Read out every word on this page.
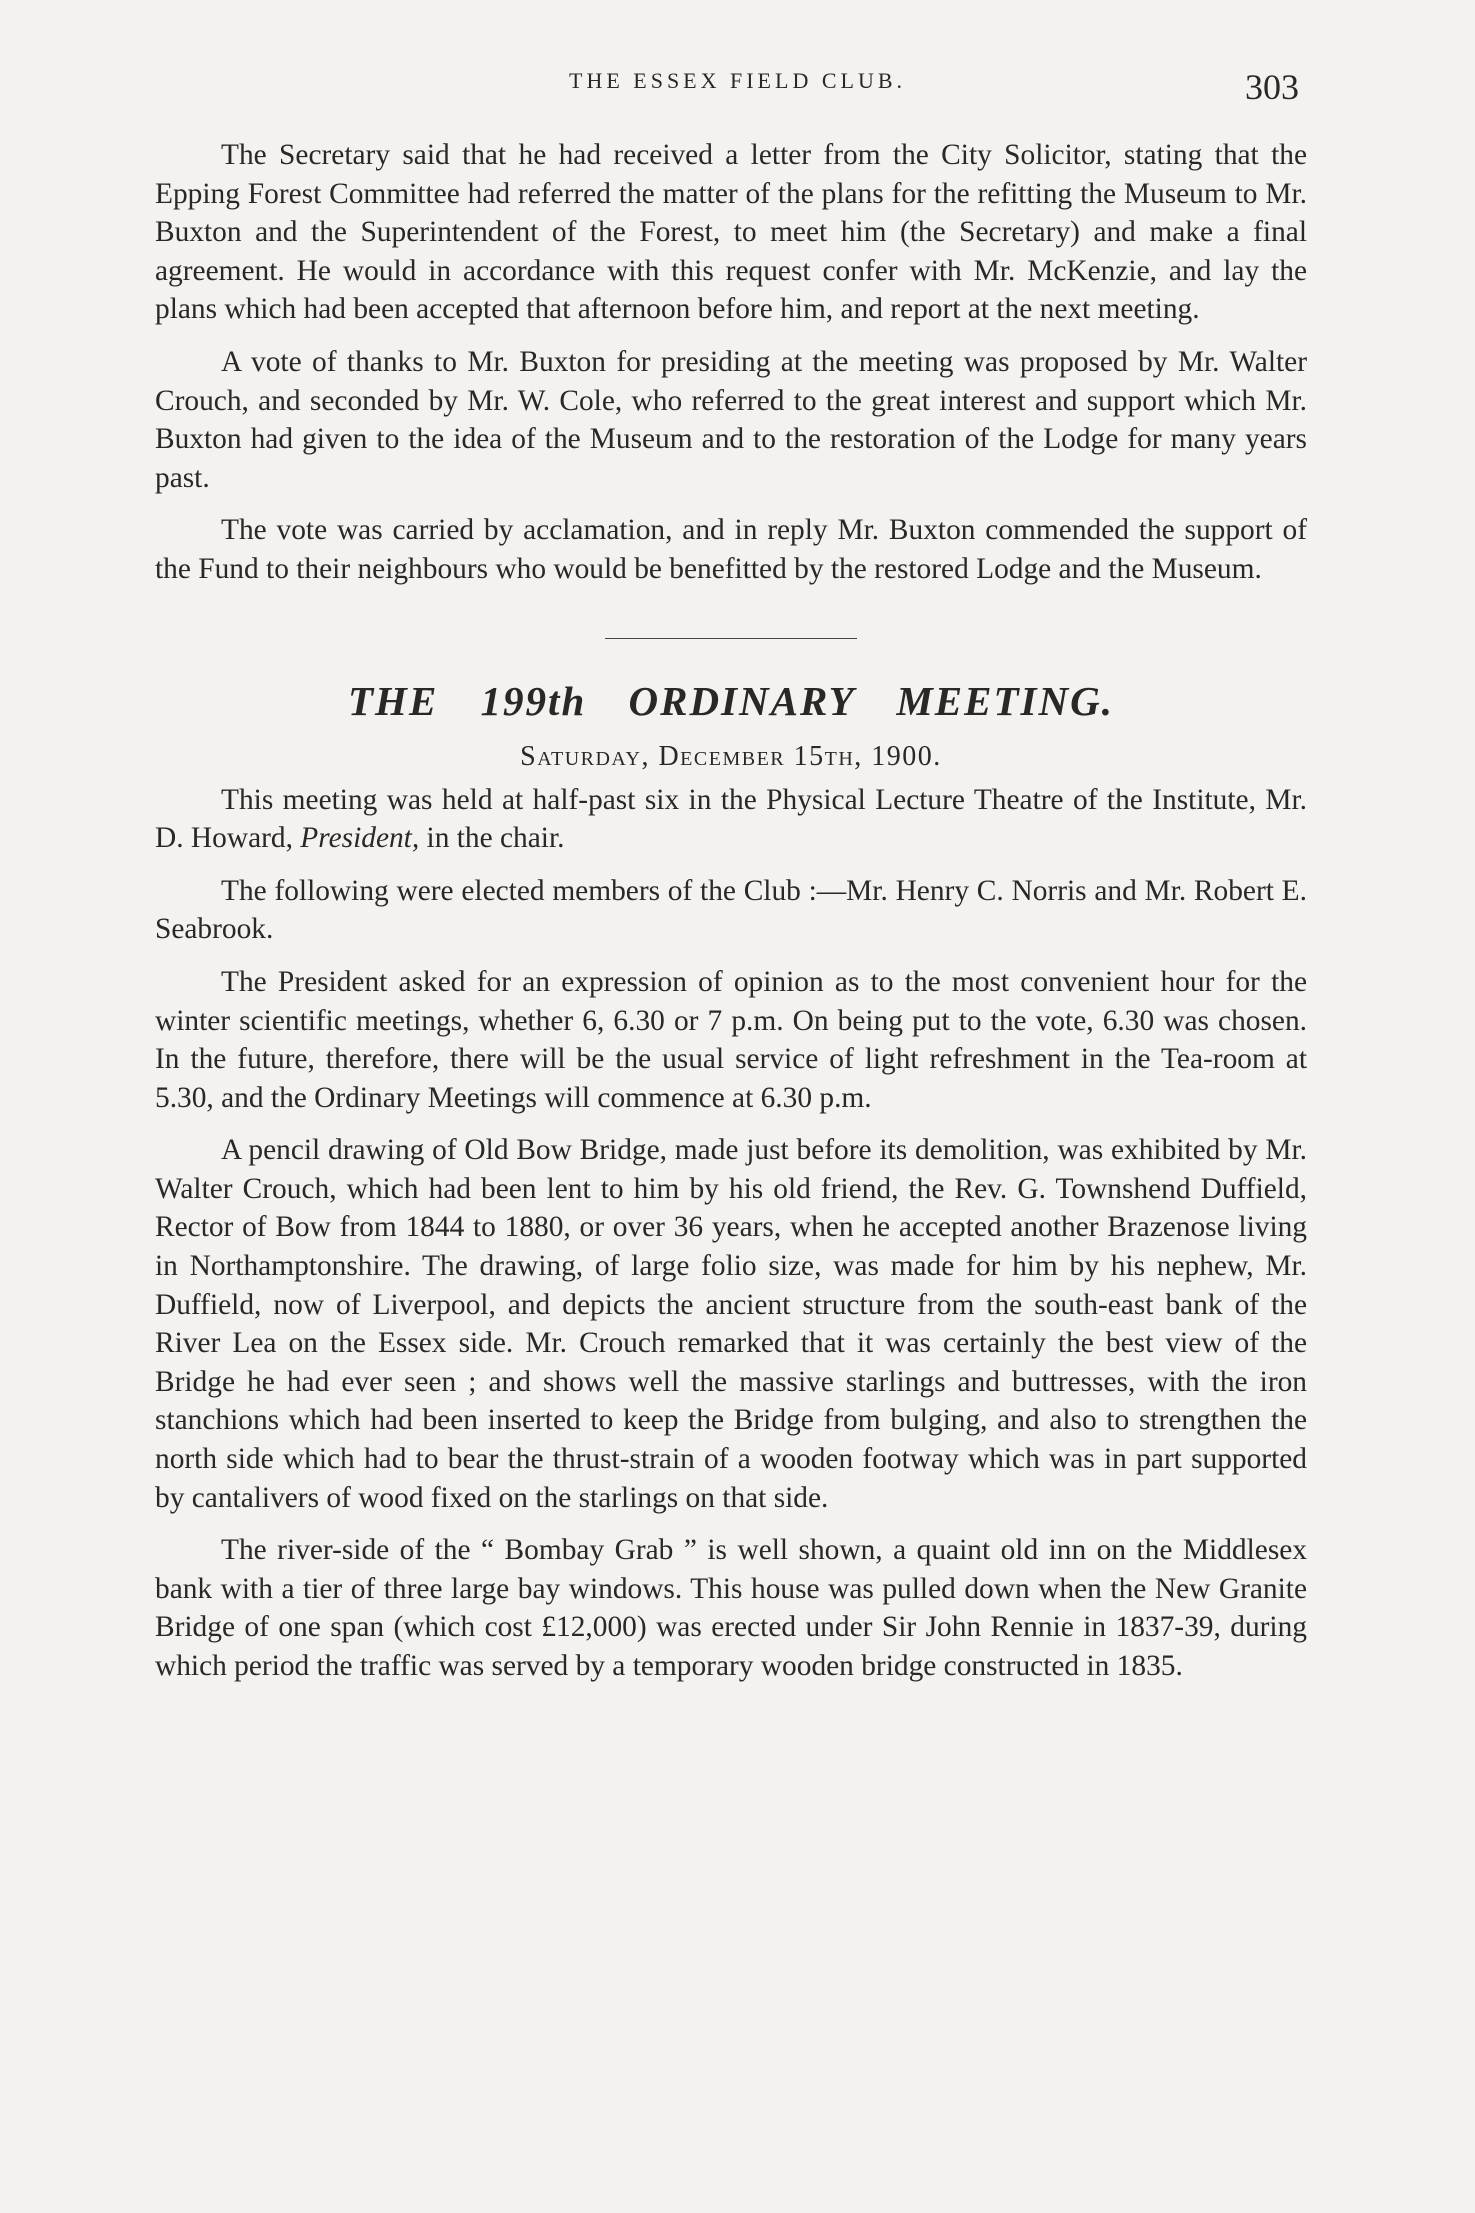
THE ESSEX FIELD CLUB.	303

The Secretary said that he had received a letter from the City Solicitor, stating that the Epping Forest Committee had referred the matter of the plans for the refitting the Museum to Mr. Buxton and the Superintendent of the Forest, to meet him (the Secretary) and make a final agreement. He would in accordance with this request confer with Mr. McKenzie, and lay the plans which had been accepted that afternoon before him, and report at the next meeting.

A vote of thanks to Mr. Buxton for presiding at the meeting was proposed by Mr. Walter Crouch, and seconded by Mr. W. Cole, who referred to the great interest and support which Mr. Buxton had given to the idea of the Museum and to the restoration of the Lodge for many years past.

The vote was carried by acclamation, and in reply Mr. Buxton commended the support of the Fund to their neighbours who would be benefitted by the restored Lodge and the Museum.

THE 199th ORDINARY MEETING.
Saturday, December 15th, 1900.

This meeting was held at half-past six in the Physical Lecture Theatre of the Institute, Mr. D. Howard, President, in the chair.

The following were elected members of the Club :—Mr. Henry C. Norris and Mr. Robert E. Seabrook.

The President asked for an expression of opinion as to the most convenient hour for the winter scientific meetings, whether 6, 6.30 or 7 p.m. On being put to the vote, 6.30 was chosen. In the future, therefore, there will be the usual service of light refreshment in the Tea-room at 5.30, and the Ordinary Meetings will commence at 6.30 p.m.

A pencil drawing of Old Bow Bridge, made just before its demolition, was exhibited by Mr. Walter Crouch, which had been lent to him by his old friend, the Rev. G. Townshend Duffield, Rector of Bow from 1844 to 1880, or over 36 years, when he accepted another Brazenose living in Northamptonshire. The drawing, of large folio size, was made for him by his nephew, Mr. Duffield, now of Liverpool, and depicts the ancient structure from the south-east bank of the River Lea on the Essex side. Mr. Crouch remarked that it was certainly the best view of the Bridge he had ever seen ; and shows well the massive starlings and buttresses, with the iron stanchions which had been inserted to keep the Bridge from bulging, and also to strengthen the north side which had to bear the thrust-strain of a wooden footway which was in part supported by cantalivers of wood fixed on the starlings on that side.

The river-side of the “ Bombay Grab ” is well shown, a quaint old inn on the Middlesex bank with a tier of three large bay windows. This house was pulled down when the New Granite Bridge of one span (which cost £12,000) was erected under Sir John Rennie in 1837-39, during which period the traffic was served by a temporary wooden bridge constructed in 1835.
